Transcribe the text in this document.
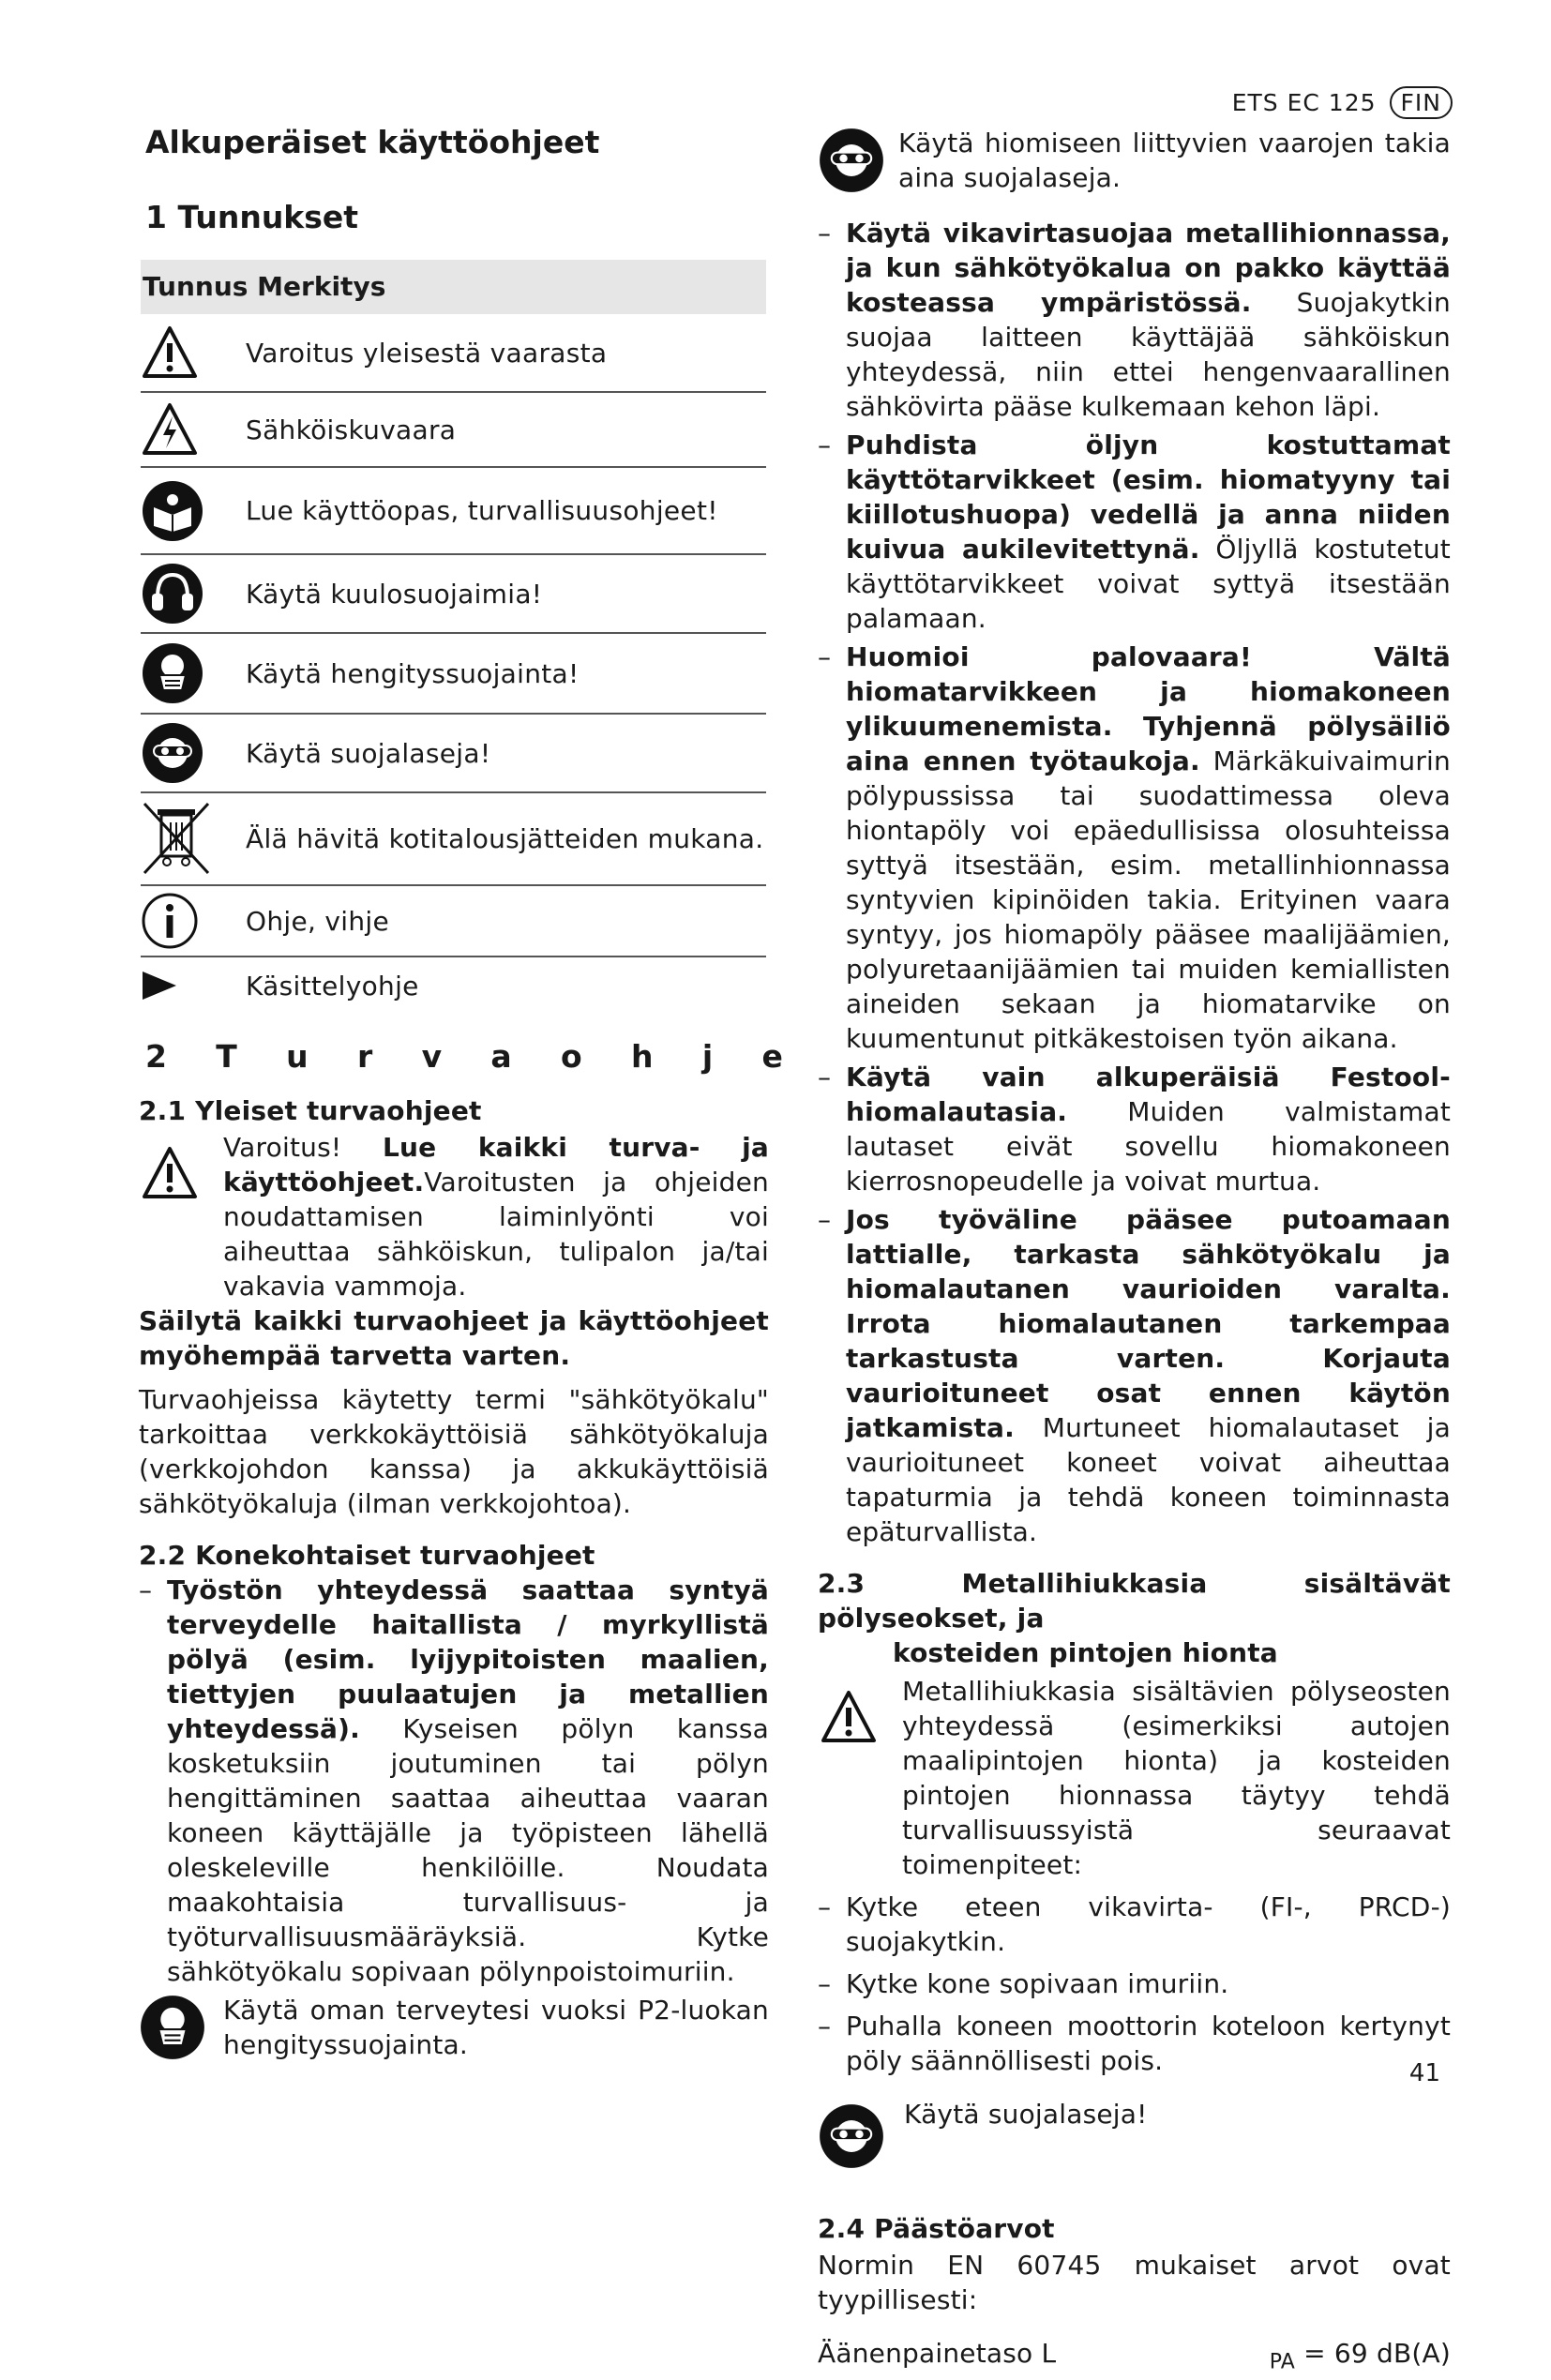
ETS EC 125	FIN
Alkuperäiset käyttöohjeet
1 Tunnukset
Tunnus Merkitys
Varoitus yleisestä vaarasta
Sähköiskuvaara
Lue käyttöopas, turvallisuusohjeet!
Käytä kuulosuojaimia!
Käytä hengityssuojainta!
Käytä suojalaseja!
Älä hävitä kotitalousjätteiden mukana.
Ohje, vihje
Käsittelyohje
2 T u r v a o h j e
2.1 Yleiset turvaohjeet
Varoitus! Lue kaikki turva- ja käyttöohjeet.Varoitusten ja ohjeiden noudattamisen laiminlyönti voi aiheuttaa sähköiskun, tulipalon ja/tai vakavia vammoja.

Säilytä kaikki turvaohjeet ja käyttöohjeet myöhempää tarvetta varten.

Turvaohjeissa käytetty termi "sähkötyökalu" tarkoittaa verkkokäyttöisiä sähkötyökaluja (verkkojohdon kanssa) ja akkukäyttöisiä sähkötyökaluja (ilman verkkojohtoa).

2.2 Konekohtaiset turvaohjeet
– Työstön yhteydessä saattaa syntyä terveydelle haitallista / myrkyllistä pölyä (esim. lyijypitoisten maalien, tiettyjen puulaatujen ja metallien yhteydessä). Kyseisen pölyn kanssa kosketuksiin joutuminen tai pölyn hengittäminen saattaa aiheuttaa vaaran koneen käyttäjälle ja työpisteen lähellä oleskeleville henkilöille. Noudata maakohtaisia turvallisuus- ja työturvallisuusmääräyksiä. Kytke sähkötyökalu sopivaan pölynpoistoimuriin.
Käytä oman terveytesi vuoksi P2-luokan hengityssuojainta.
Käytä hiomiseen liittyvien vaarojen takia aina suojalaseja.
– Käytä vikavirtasuojaa metallihionnassa, ja kun sähkötyökalua on pakko käyttää kosteassa ympäristössä. Suojakytkin suojaa laitteen käyttäjää sähköiskun yhteydessä, niin ettei hengenvaarallinen sähkövirta pääse kulkemaan kehon läpi.
– Puhdista öljyn kostuttamat käyttötarvikkeet (esim. hiomatyyny tai kiillotushuopa) vedellä ja anna niiden kuivua aukilevitettynä. Öljyllä kostutetut käyttötarvikkeet voivat syttyä itsestään palamaan.
– Huomioi palovaara! Vältä hiomatarvikkeen ja hiomakoneen ylikuumenemista. Tyhjennä pölysäiliö aina ennen työtaukoja. Märkäkuivaimurin pölypussissa tai suodattimessa oleva hiontapöly voi epäedullisissa olosuhteissa syttyä itsestään, esim. metallinhionnassa syntyvien kipinöiden takia. Erityinen vaara syntyy, jos hiomapöly pääsee maalijäämien, polyuretaanijäämien tai muiden kemiallisten aineiden sekaan ja hiomatarvike on kuumentunut pitkäkestoisen työn aikana.
– Käytä vain alkuperäisiä Festool-hiomalautasia. Muiden valmistamat lautaset eivät sovellu hiomakoneen kierrosnopeudelle ja voivat murtua.
– Jos työväline pääsee putoamaan lattialle, tarkasta sähkötyökalu ja hiomalautanen vaurioiden varalta. Irrota hiomalautanen tarkempaa tarkastusta varten. Korjauta vaurioituneet osat ennen käytön jatkamista. Murtuneet hiomalautaset ja vaurioituneet koneet voivat aiheuttaa tapaturmia ja tehdä koneen toiminnasta epäturvallista.
2.3 Metallihiukkasia sisältävät pölyseokset, ja
kosteiden pintojen hionta
Metallihiukkasia sisältävien pölyseosten yhteydessä (esimerkiksi autojen maalipintojen hionta) ja kosteiden pintojen hionnassa täytyy tehdä turvallisuussyistä seuraavat toimenpiteet:
– Kytke eteen vikavirta- (FI-, PRCD-) suojakytkin.
– Kytke kone sopivaan imuriin.
– Puhalla koneen moottorin koteloon kertynyt pöly säännöllisesti pois.
Käytä suojalaseja!
2.4 Päästöarvot
Normin EN 60745 mukaiset arvot ovat tyypillisesti:
Äänenpainetaso L	$_{PA}$ = 69 dB(A)
41
